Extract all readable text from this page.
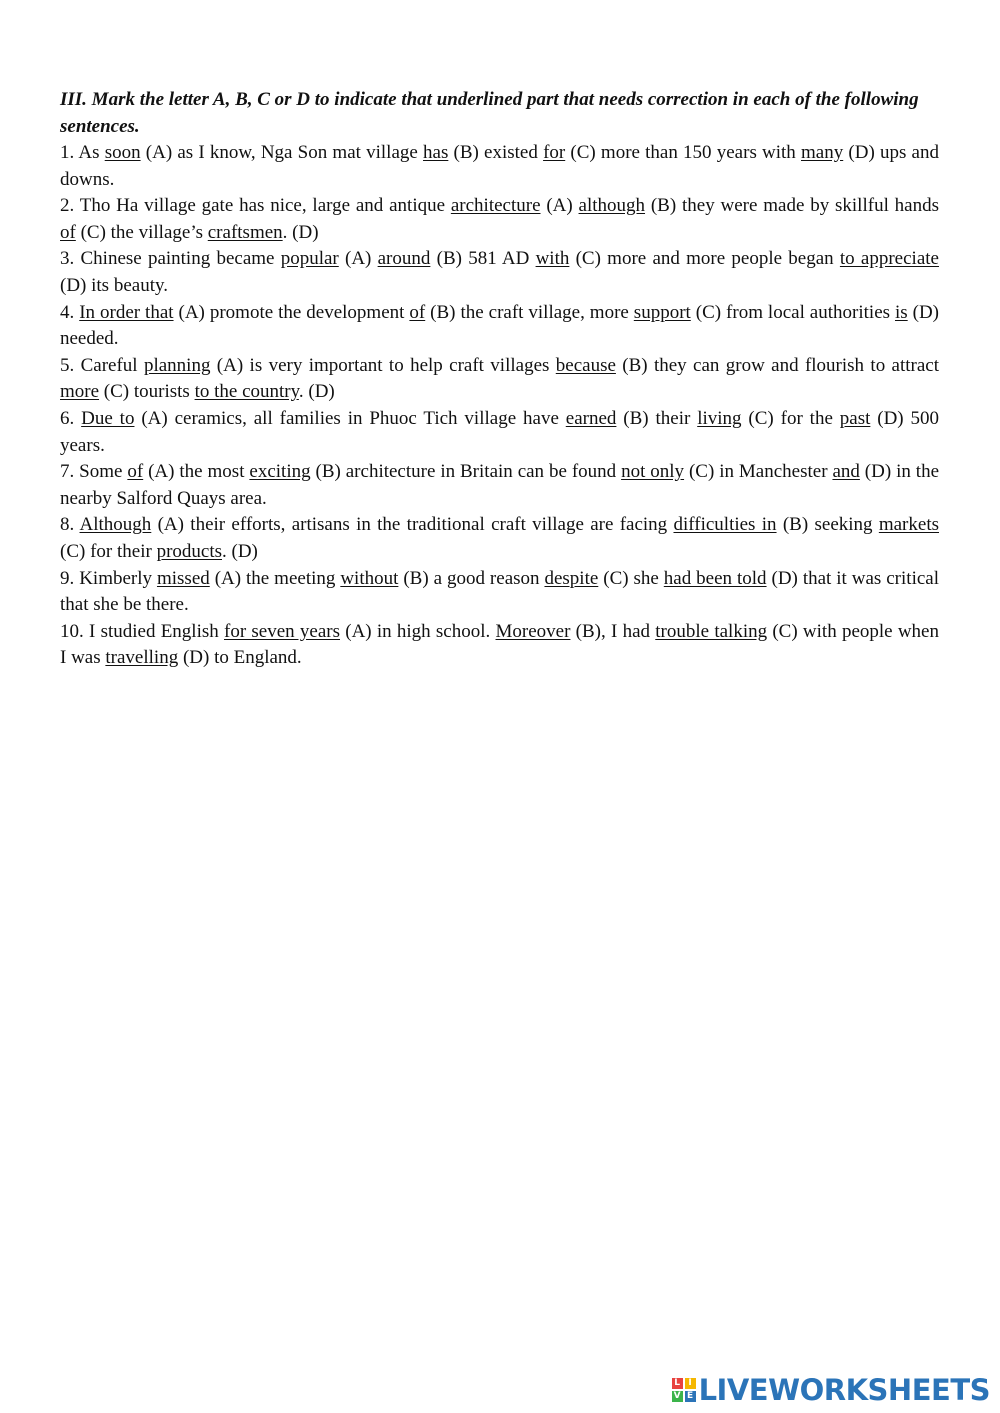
III. Mark the letter A, B, C or D to indicate that underlined part that needs correction in each of the following sentences.

1. As soon (A) as I know, Nga Son mat village has (B) existed for (C) more than 150 years with many (D) ups and downs.

2. Tho Ha village gate has nice, large and antique architecture (A) although (B) they were made by skillful hands of (C) the village’s craftsmen. (D)

3. Chinese painting became popular (A) around (B) 581 AD with (C) more and more people began to appreciate (D) its beauty.

4. In order that (A) promote the development of (B) the craft village, more support (C) from local authorities is (D) needed.

5. Careful planning (A) is very important to help craft villages because (B) they can grow and flourish to attract more (C) tourists to the country. (D)

6. Due to (A) ceramics, all families in Phuoc Tich village have earned (B) their living (C) for the past (D) 500 years.

7. Some of (A) the most exciting (B) architecture in Britain can be found not only (C) in Manchester and (D) in the nearby Salford Quays area.

8. Although (A) their efforts, artisans in the traditional craft village are facing difficulties in (B) seeking markets (C) for their products. (D)

9. Kimberly missed (A) the meeting without (B) a good reason despite (C) she had been told (D) that it was critical that she be there.

10. I studied English for seven years (A) in high school. Moreover (B), I had trouble talking (C) with people when I was travelling (D) to England.

L I
V E LIVEWORKSHEETS
